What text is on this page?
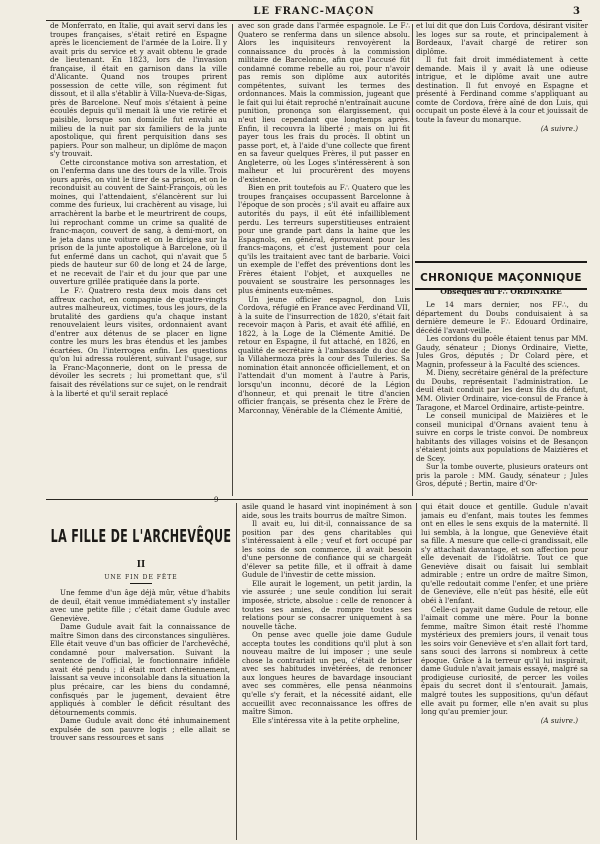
LE FRANC-MAÇON	3

de Monferrato, en Italie, qui avait servi dans les troupes françaises, s'était retiré en Espagne après le licenciement de l'armée de la Loire. Il y avait pris du service et y avait obtenu le grade de lieutenant. En 1823, lors de l'invasion française, il était en garnison dans la ville d'Alicante. Quand nos troupes prirent possession de cette ville, son régiment fut dissout, et il alla s'établir à Villa-Nueva-de-Sigas, près de Barcelone. Neuf mois s'étaient à peine écoulés depuis qu'il menait là une vie retirée et paisible, lorsque son domicile fut envahi au milieu de la nuit par six familiers de la junte apostolique, qui firent perquisition dans ses papiers. Pour son malheur, un diplôme de maçon s'y trouvait.

Cette circonstance motiva son arrestation, et on l'enferma dans une des tours de la ville. Trois jours après, on vint le tirer de sa prison, et on le reconduisit au couvent de Saint-François, où les moines, qui l'attendaient, s'élancèrent sur lui comme des furieux, lui crachèrent au visage, lui arrachèrent la barbe et le meurtrirent de coups, lui reprochant comme un crime sa qualité de franc-maçon, couvert de sang, à demi-mort, on le jeta dans une voiture et on le dirigea sur la prison de la junte apostolique à Barcelone, où il fut enfermé dans un cachot, qui n'avait que 5 pieds de hauteur sur 60 de long et 24 de large, et ne recevait de l'air et du jour que par une ouverture grillée pratiquée dans la porte.

Le F∴ Quatrero resta deux mois dans cet affreux cachot, en compagnie de quatre-vingts autres malheureux, victimes, tous les jours, de la brutalité des gardiens qu'a chaque instant renouvelaient leurs visites, ordonnaient avant d'entrer aux détenus de se placer en ligne contre les murs les bras étendus et les jambes écartées. On l'interrogea enfin. Les questions qu'on lui adressa roulèrent, suivant l'usage, sur la Franc-Maçonnerie, dont on le pressa de dévoiler les secrets ; lui promettant que, s'il faisait des révélations sur ce sujet, on le rendrait à la liberté et qu'il serait replacé

avec son grade dans l'armée espagnole. Le F∴ Quatero se renferma dans un silence absolu. Alors les inquisiteurs renvoyèrent la connaissance du procès à la commission militaire de Barcelonne, afin que l'accusé fût condamné comme rebelle au roi, pour n'avoir pas remis son diplôme aux autorités compétentes, suivant les termes des ordonnances. Mais la commission, jugeant que le fait qui lui était reproché n'entraînait aucune punition, prononça son élargissement, qui n'eut lieu cependant que longtemps après. Enfin, il recouvra la liberté ; mais on lui fit payer tous les frais du procès. Il obtint un passe port, et, à l'aide d'une collecte que firent en sa faveur quelques Frères, il put passer en Angleterre, où les Loges s'intéressèrent à son malheur et lui procurèrent des moyens d'existence.

Bien en prit toutefois au F∴ Quatero que les troupes françaises occupassent Barcelonne à l'époque de son procès ; s'il avait eu affaire aux autorités du pays, il eût été infailliblement perdu. Les terreurs superstitieuses entraient pour une grande part dans la haine que les Espagnols, en général, éprouvaient pour les francs-maçons, et c'est justement pour cela qu'ils les traitaient avec tant de barbarie. Voici un exemple de l'effet des préventions dont les Frères étaient l'objet, et auxquelles ne pouvaient se soustraire les personnages les plus éminents eux-mêmes.

Un jeune officier espagnol, don Luis Cordova, réfugié en France avec Ferdinand VII, à la suite de l'insurrection de 1820, s'était fait recevoir maçon à Paris, et avait été affilié, en 1822, à la Loge de la Clémente Amitié. De retour en Espagne, il fut attaché, en 1826, en qualité de secrétaire à l'ambassade du duc de la Villahermoza près la cour des Tuileries. Sa nomination était annoncée officiellement, et on l'attendait d'un moment à l'autre à Paris, lorsqu'un inconnu, décoré de la Légion d'honneur, et qui prenait le titre d'ancien officier français, se présenta chez le Frère de Marconnay, Vénérable de la Clémente Amitié,

et lui dit que don Luis Cordova, désirant visiter les loges sur sa route, et principalement à Bordeaux, l'avait chargé de retirer son diplôme.

Il fut fait droit immédiatement à cette demande. Mais il y avait là une odieuse intrigue, et le diplôme avait une autre destination. Il fut envoyé en Espagne et présenté à Ferdinand comme s'appliquant au comte de Cordova, frère aîné de don Luis, qui occupait un poste élevé à la cour et jouissait de toute la faveur du monarque.

(A suivre.)

CHRONIQUE MAÇONNIQUE
Obsèques du F∴ ORDINAIRE

Le 14 mars dernier, nos FF∴, du département du Doubs conduisaient à sa dernière demeure le F∴ Edouard Ordinaire, décédé l'avant-veille.

Les cordons du poêle étaient tenus par MM. Gaudy, sénateur ; Dionys Ordinaire, Viette, Jules Gros, députés ; Dr Colard père, et Magnin, professeur à la Faculté des sciences.

M. Dieny, secrétaire général de la préfecture du Doubs, représentait l'administration. Le deuil était conduit par les deux fils du défunt, MM. Olivier Ordinaire, vice-consul de France à Taragone, et Marcel Ordinaire, artiste-peintre.

Le conseil municipal de Maizières et le conseil municipal d'Ornans avaient tenu à suivre en corps le triste convoi. De nombreux habitants des villages voisins et de Besançon s'étaient joints aux populations de Maizières et de Scey.

Sur la tombe ouverte, plusieurs orateurs ont pris la parole : MM. Gaudy, sénateur ; Jules Gros, député ; Bertin, maire d'Or-

9
LA FILLE DE L'ARCHEVÊQUE
II
UNE FIN DE FÊTE

Une femme d'un âge déjà mûr, vêtue d'habits de deuil, était venue immédiatement s'y installer avec une petite fille ; c'était dame Gudule avec Geneviève.

Dame Gudule avait fait la connaissance de maître Simon dans des circonstances singulières. Elle était veuve d'un bas officier de l'archevêché, condamné pour malversation. Suivant la sentence de l'official, le fonctionnaire infidèle avait été pendu ; il était mort chrétiennement, laissant sa veuve inconsolable dans la situation la plus précaire, car les biens du condamné, confisqués par le jugement, devaient être appliqués à combler le déficit résultant des détournements commis.

Dame Gudule avait donc été inhumainement expulsée de son pauvre logis ; elle allait se trouver sans ressources et sans

asile quand le hasard vint inopinément à son aide, sous les traits bourrus de maître Simon.

Il avait eu, lui dit-il, connaissance de sa position par des gens charitables qui s'intéressaient à elle ; veuf et fort occupé par les soins de son commerce, il avait besoin d'une personne de confiance qui se chargeât d'élever sa petite fille, et il offrait à dame Gudule de l'investir de cette mission.

Elle aurait le logement, un petit jardin, la vie assurée ; une seule condition lui serait imposée, stricte, absolue : celle de renoncer à toutes ses amies, de rompre toutes ses relations pour se consacrer uniquement à sa nouvelle tâche.

On pense avec quelle joie dame Gudule accepta toutes les conditions qu'il plut à son nouveau maître de lui imposer ; une seule chose la contrariait un peu, c'était de briser avec ses habitudes invétérées, de renoncer aux longues heures de bavardage insouciant avec ses commères, elle pensa néanmoins qu'elle s'y ferait, et la nécessité aidant, elle accueillit avec reconnaissance les offres de maître Simon.

Elle s'intéressa vite à la petite orpheline,

qui était douce et gentille. Gudule n'avait jamais eu d'enfant, mais toutes les femmes ont en elles le sens exquis de la maternité. Il lui sembla, à la longue, que Geneviève était sa fille. A mesure que celle-ci grandissait, elle s'y attachait davantage, et son affection pour elle devenait de l'idolâtrie. Tout ce que Geneviève disait ou faisait lui semblait admirable ; entre un ordre de maître Simon, qu'elle redoutait comme l'enfer, et une prière de Geneviève, elle n'eût pas hésité, elle eût obéi à l'enfant.

Celle-ci payait dame Gudule de retour, elle l'aimait comme une mère. Pour la bonne femme, maître Simon était resté l'homme mystérieux des premiers jours, il venait tous les soirs voir Geneviève et s'en allait fort tard, sans souci des larrons si nombreux à cette époque. Grâce à la terreur qu'il lui inspirait, dame Gudule n'avait jamais essayé, malgré sa prodigieuse curiosité, de percer les voiles épais du secret dont il s'entourait. Jamais, malgré toutes les suppositions, qu'un défaut elle avait pu former, elle n'en avait su plus long qu'au premier jour.

(A suivre.)
